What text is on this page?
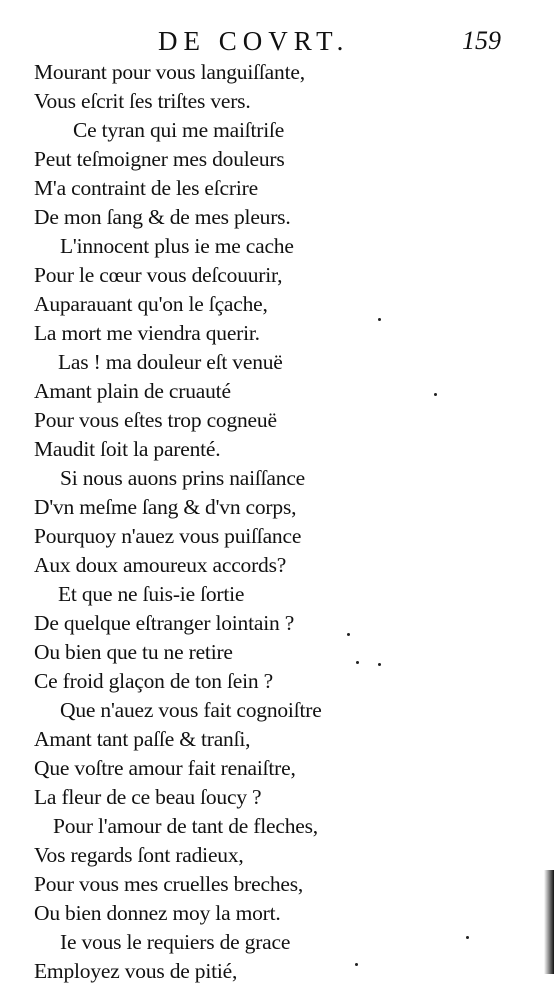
DE COVRT.	159
Mourant pour vous languiſſante,
Vous eſcrit ſes triſtes vers.
Ce tyran qui me maiſtriſe
Peut teſmoigner mes douleurs
M'a contraint de les eſcrire
De mon ſang & de mes pleurs.
L'innocent plus ie me cache
Pour le cœur vous deſcouurir,
Auparauant qu'on le ſçache,
La mort me viendra querir.
Las ! ma douleur eſt venuë
Amant plain de cruauté
Pour vous eſtes trop cogneuë
Maudit ſoit la parenté.
Si nous auons prins naiſſance
D'vn meſme ſang & d'vn corps,
Pourquoy n'auez vous puiſſance
Aux doux amoureux accords?
Et que ne ſuis-ie ſortie
De quelque eſtranger lointain ?
Ou bien que tu ne retire
Ce froid glaçon de ton ſein ?
Que n'auez vous fait cognoiſtre
Amant tant paſſe & tranſi,
Que voſtre amour fait renaiſtre,
La fleur de ce beau ſoucy ?
Pour l'amour de tant de fleches,
Vos regards ſont radieux,
Pour vous mes cruelles breches,
Ou bien donnez moy la mort.
Ie vous le requiers de grace
Employez vous de pitié,
